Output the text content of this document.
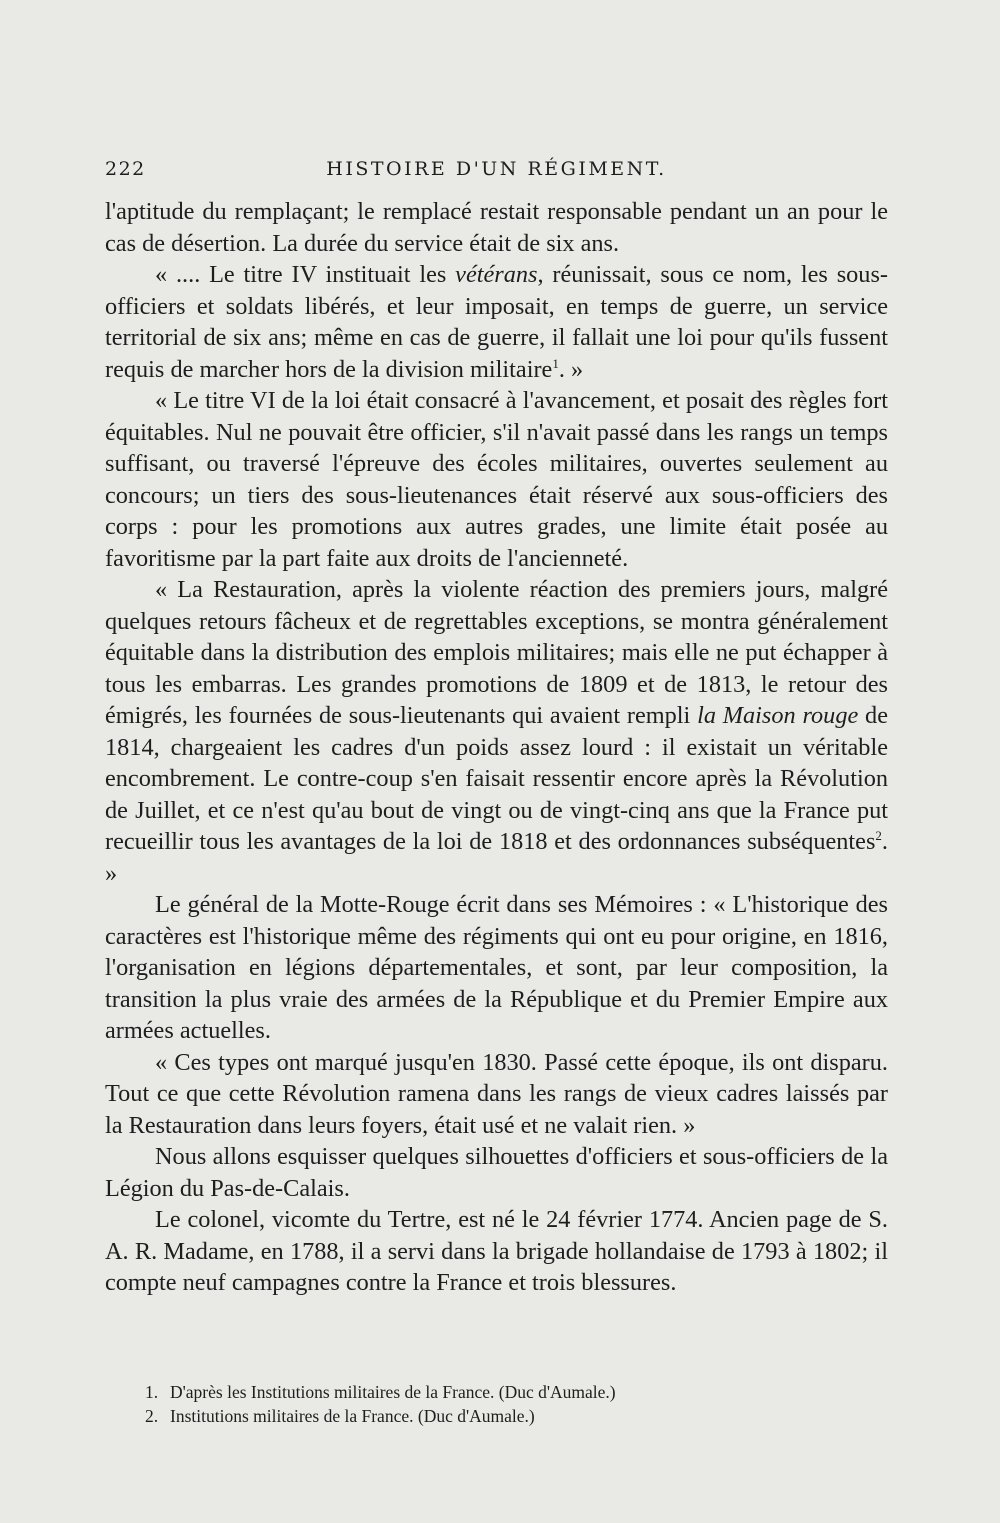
222	HISTOIRE D'UN RÉGIMENT.

l'aptitude du remplaçant; le remplacé restait responsable pendant un an pour le cas de désertion. La durée du service était de six ans.

« .... Le titre IV instituait les vétérans, réunissait, sous ce nom, les sous-officiers et soldats libérés, et leur imposait, en temps de guerre, un service territorial de six ans; même en cas de guerre, il fallait une loi pour qu'ils fussent requis de marcher hors de la division militaire$^1$. »

« Le titre VI de la loi était consacré à l'avancement, et posait des règles fort équitables. Nul ne pouvait être officier, s'il n'avait passé dans les rangs un temps suffisant, ou traversé l'épreuve des écoles militaires, ouvertes seulement au concours; un tiers des sous-lieutenances était réservé aux sous-officiers des corps : pour les promotions aux autres grades, une limite était posée au favoritisme par la part faite aux droits de l'ancienneté.

« La Restauration, après la violente réaction des premiers jours, malgré quelques retours fâcheux et de regrettables exceptions, se montra généralement équitable dans la distribution des emplois militaires; mais elle ne put échapper à tous les embarras. Les grandes promotions de 1809 et de 1813, le retour des émigrés, les fournées de sous-lieutenants qui avaient rempli la Maison rouge de 1814, chargeaient les cadres d'un poids assez lourd : il existait un véritable encombrement. Le contre-coup s'en faisait ressentir encore après la Révolution de Juillet, et ce n'est qu'au bout de vingt ou de vingt-cinq ans que la France put recueillir tous les avantages de la loi de 1818 et des ordonnances subséquentes$^2$. »

Le général de la Motte-Rouge écrit dans ses Mémoires : « L'historique des caractères est l'historique même des régiments qui ont eu pour origine, en 1816, l'organisation en légions départementales, et sont, par leur composition, la transition la plus vraie des armées de la République et du Premier Empire aux armées actuelles.

« Ces types ont marqué jusqu'en 1830. Passé cette époque, ils ont disparu. Tout ce que cette Révolution ramena dans les rangs de vieux cadres laissés par la Restauration dans leurs foyers, était usé et ne valait rien. »

Nous allons esquisser quelques silhouettes d'officiers et sous-officiers de la Légion du Pas-de-Calais.

Le colonel, vicomte du Tertre, est né le 24 février 1774. Ancien page de S. A. R. Madame, en 1788, il a servi dans la brigade hollandaise de 1793 à 1802; il compte neuf campagnes contre la France et trois blessures.

1. D'après les Institutions militaires de la France. (Duc d'Aumale.)
2. Institutions militaires de la France. (Duc d'Aumale.)
